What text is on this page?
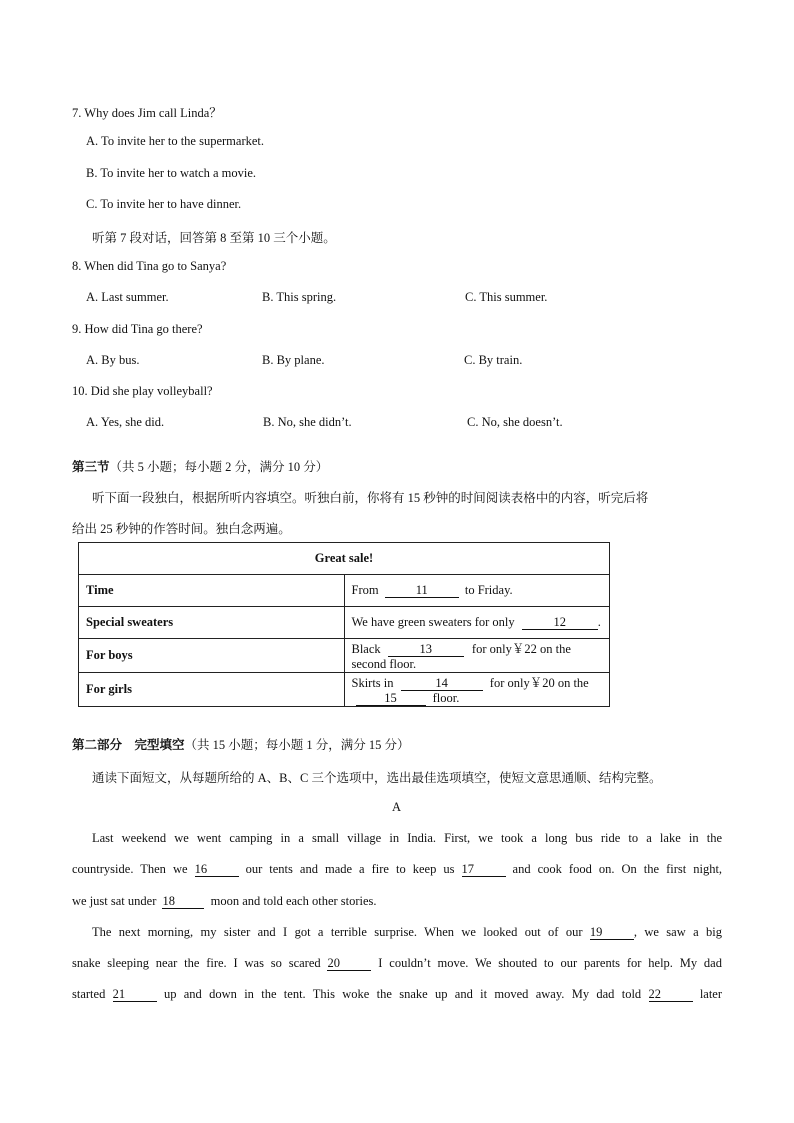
7. Why does Jim call Linda？
A. To invite her to the supermarket.
B. To invite her to watch a movie.
C. To invite her to have dinner.
听第 7 段对话，回答第 8 至第 10 三个小题。
8. When did Tina go to Sanya?
A. Last summer.	B. This spring.	C. This summer.
9. How did Tina go there?
A. By bus.	B. By plane.	C. By train.
10. Did she play volleyball?
A. Yes, she did.	B. No, she didn’t.	C. No, she doesn’t.
第三节（共 5 小题；每小题 2 分，满分 10 分）
听下面一段独白，根据所听内容填空。听独白前，你将有 15 秒钟的时间阅读表格中的内容，听完后将
给出 25 秒钟的作答时间。独白念两遍。
Great sale!	
Time	From 11 to Friday.
Special sweaters	We have green sweaters for only 12 .
For boys	Black 13 for only￥22 on the second floor.
For girls	Skirts in 14 for only￥20 on the 15 floor.
第二部分　完型填空（共 15 小题；每小题 1 分，满分 15 分）
通读下面短文，从每题所给的 A、B、C 三个选项中，选出最佳选项填空，使短文意思通顺、结构完整。
A
Last weekend we went camping in a small village in India. First, we took a long bus ride to a lake in the
countryside. Then we 16	our tents and made a fire to keep us 17	and cook food on. On the first night,
we just sat under 18	moon and told each other stories.
The next morning, my sister and I got a terrible surprise. When we looked out of our 19	, we saw a big
snake sleeping near the fire. I was so scared 20	I couldn’t move. We shouted to our parents for help. My dad
started 21	up and down in the tent. This woke the snake up and it moved away. My dad told 22	later
